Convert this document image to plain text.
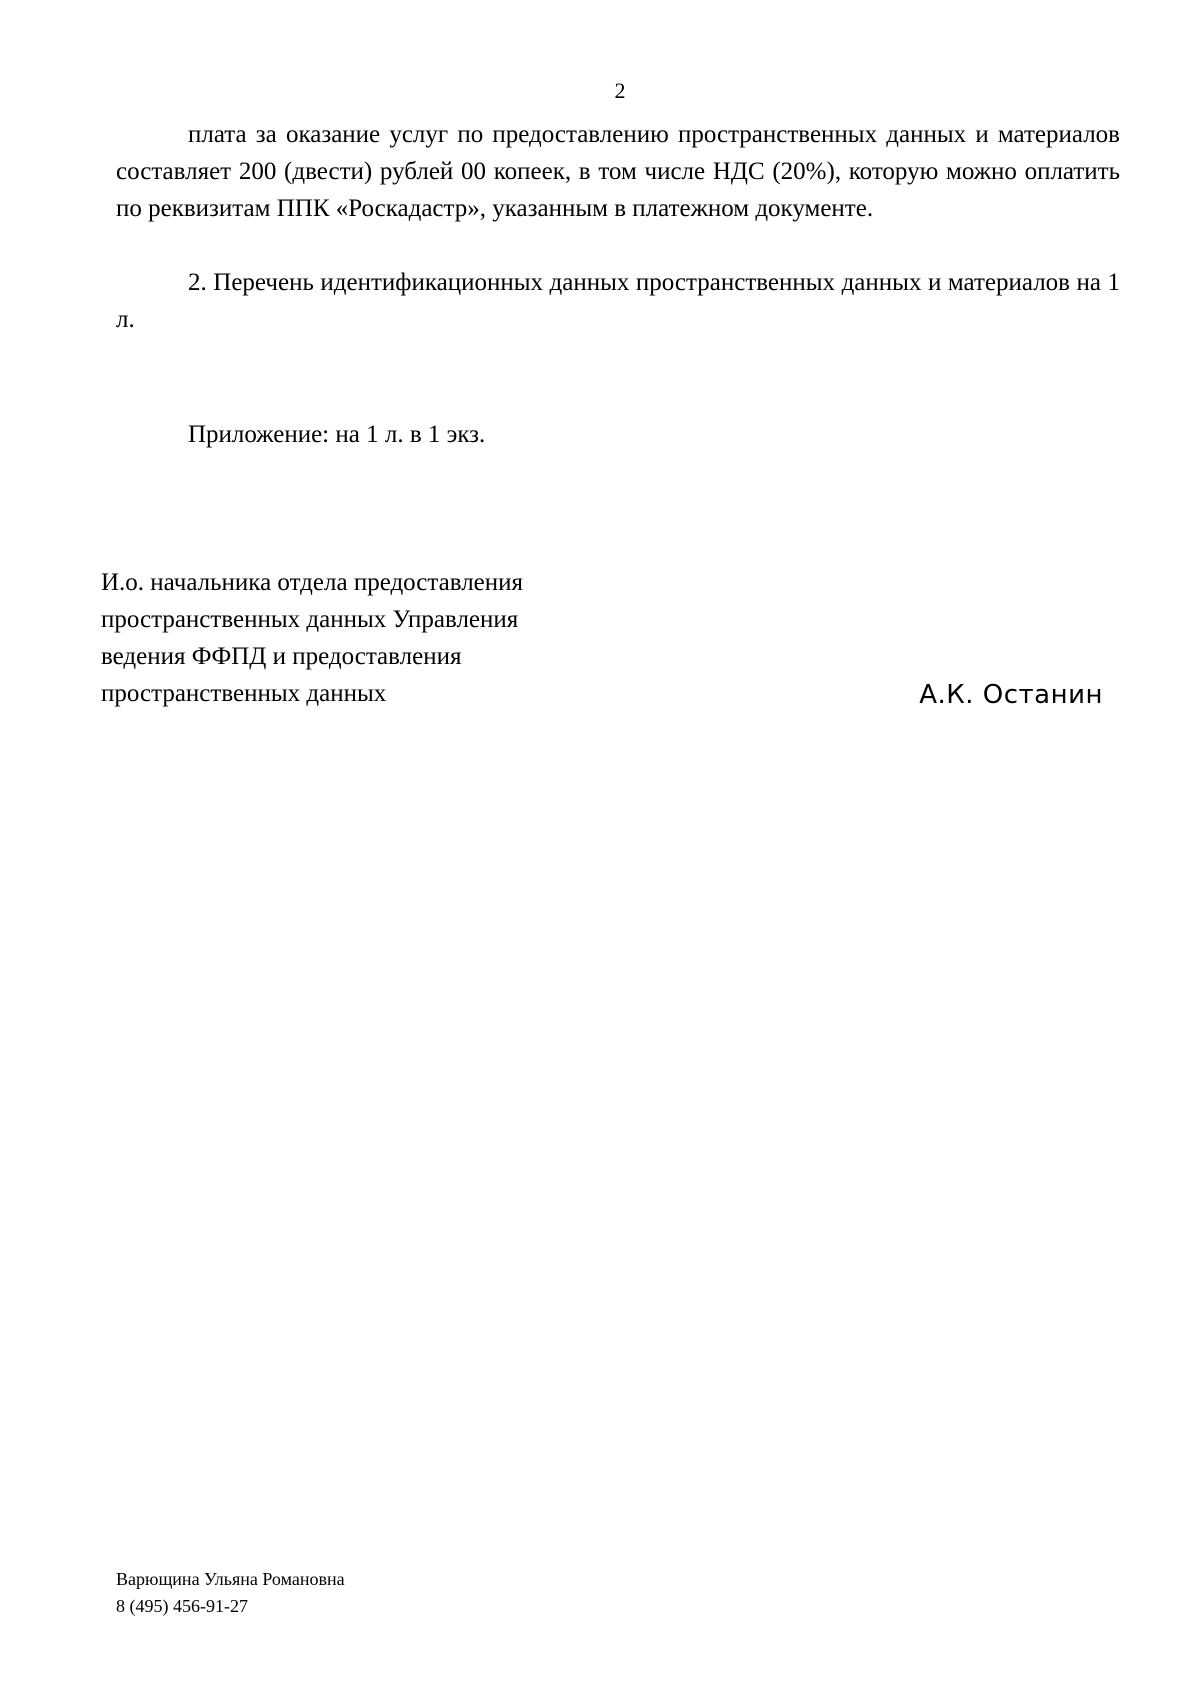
2

плата за оказание услуг по предоставлению пространственных данных и материалов составляет 200 (двести) рублей 00 копеек, в том числе НДС (20%), которую можно оплатить по реквизитам ППК «Роскадастр», указанным в платежном документе.

2. Перечень идентификационных данных пространственных данных и материалов на 1 л.

Приложение: на 1 л. в 1 экз.
И.о. начальника отдела предоставления
пространственных данных Управления
ведения ФФПД и предоставления
пространственных данных	А.К. Останин
Варющина Ульяна Романовна
8 (495) 456-91-27
